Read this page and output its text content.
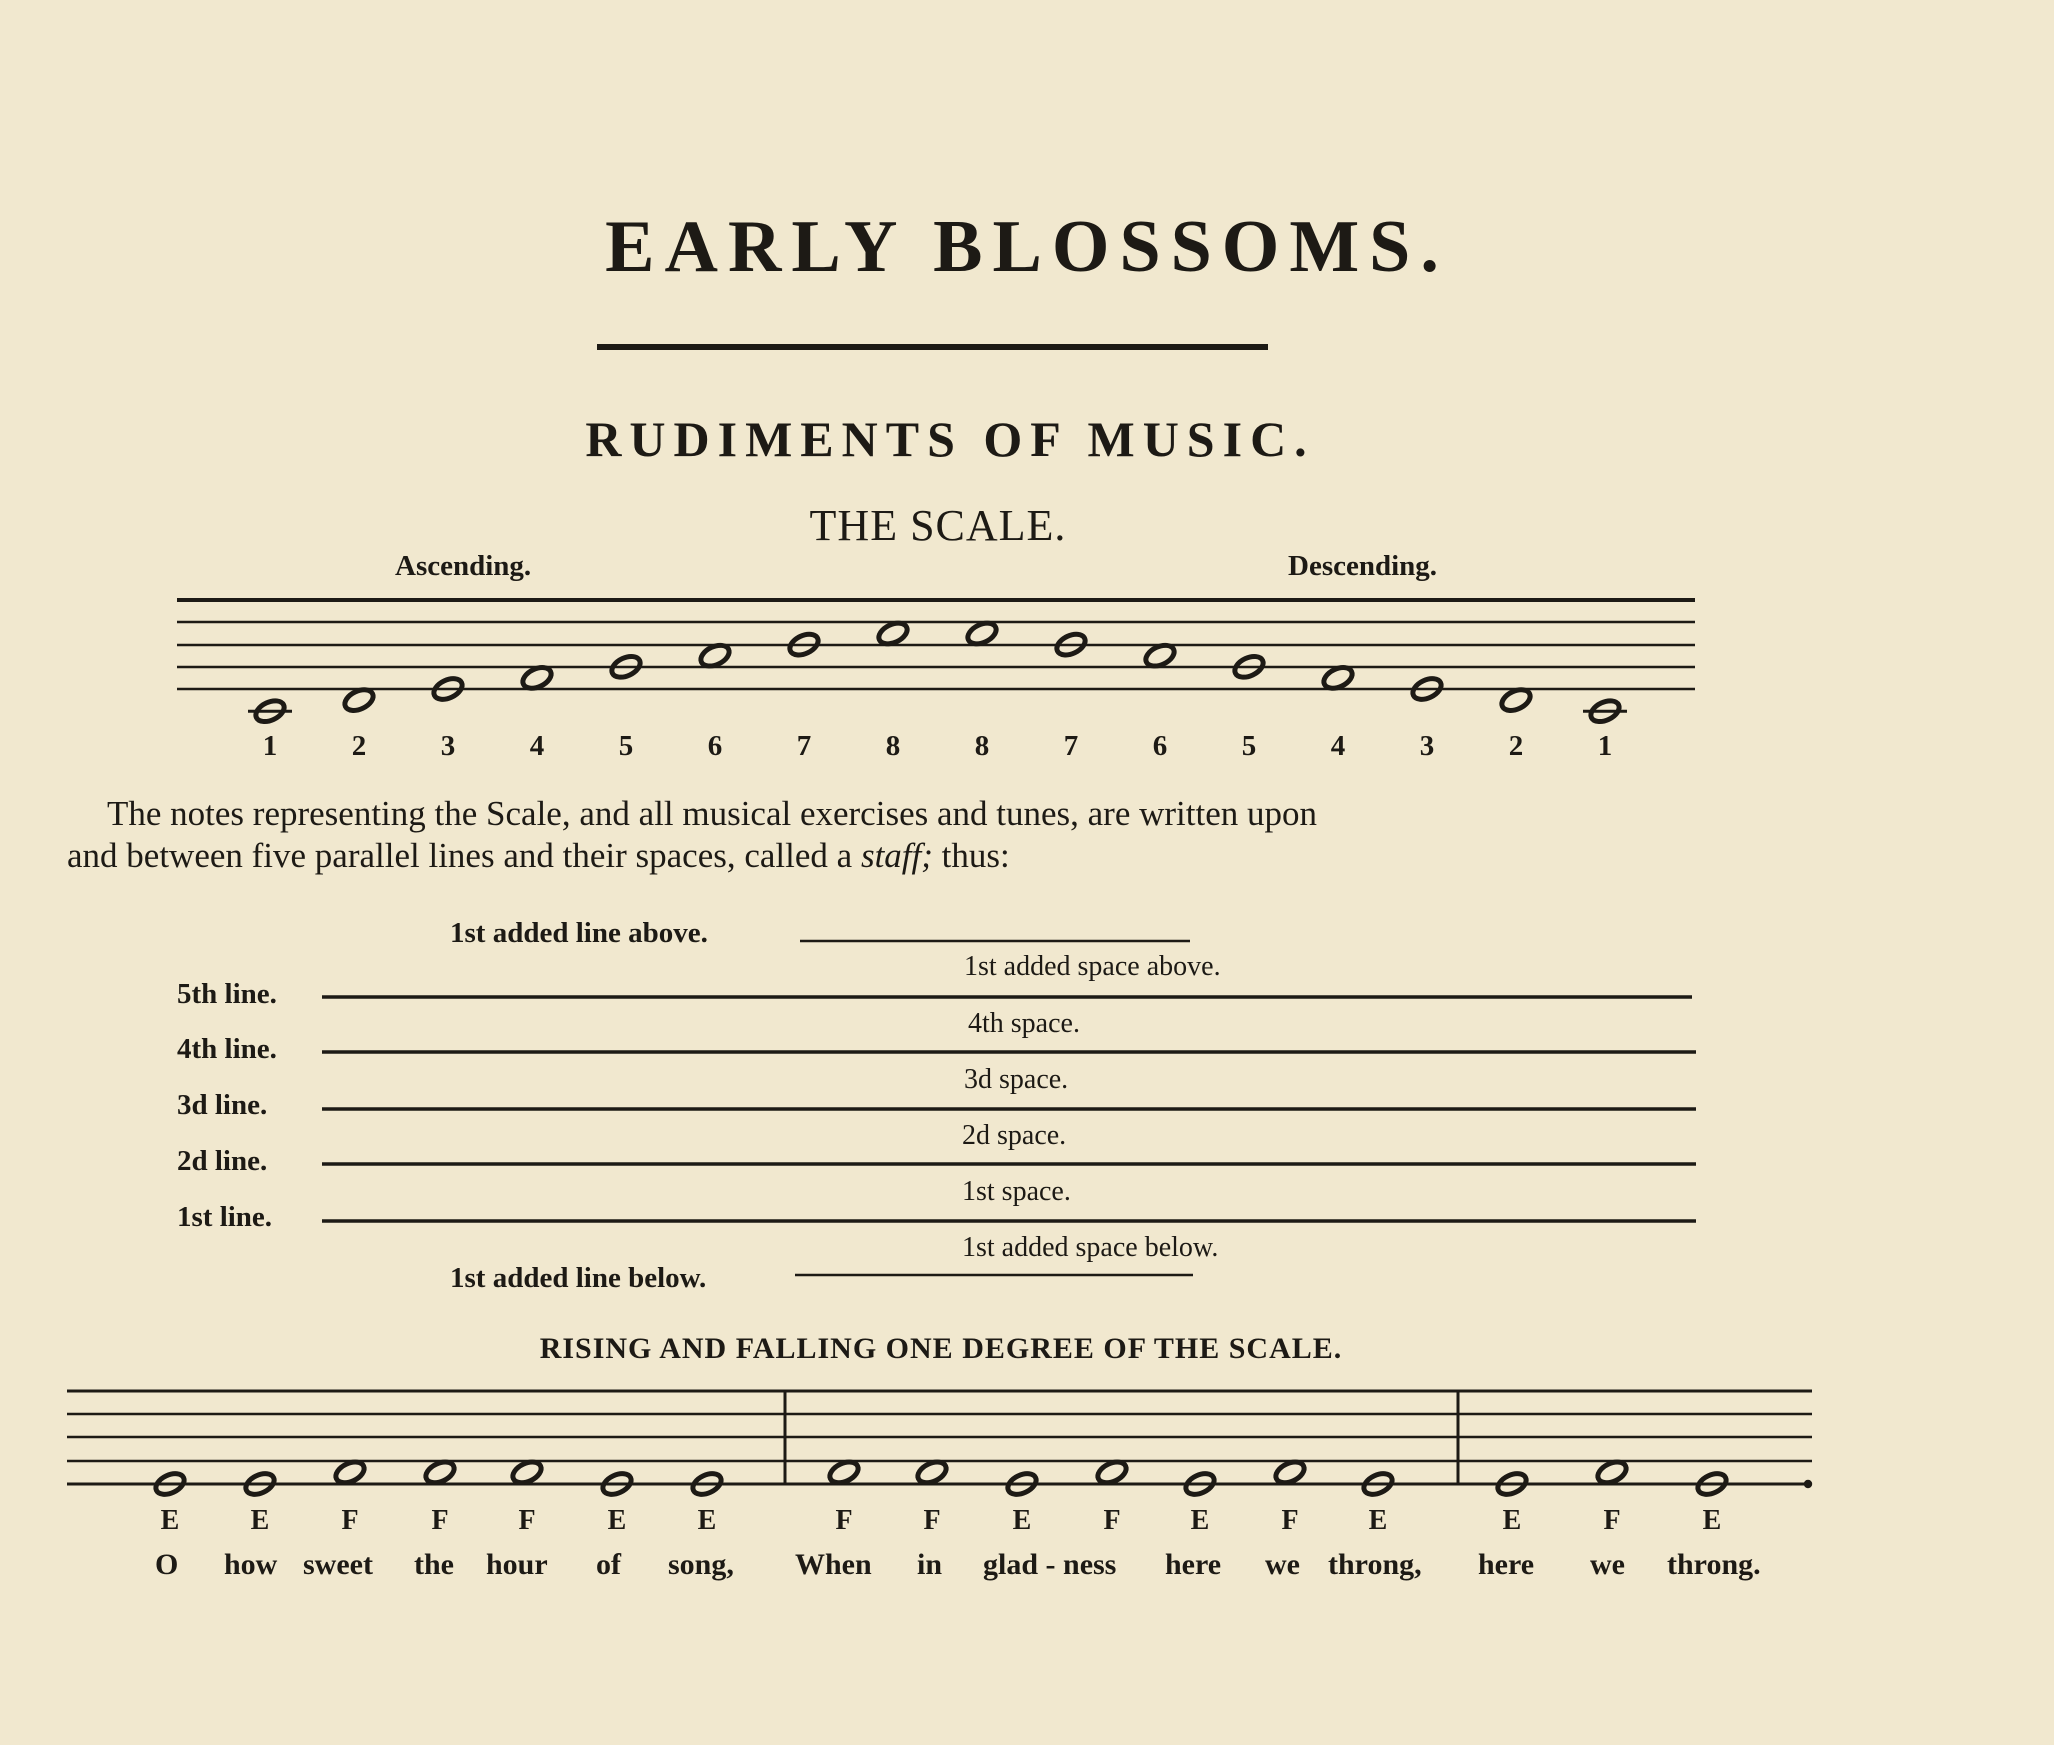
EARLY BLOSSOMS.
RUDIMENTS OF MUSIC.
THE SCALE.
Ascending.	Descending.
1	2	3	4	5	6	7	8	8	7	6	5	4	3	2	1
The notes representing the Scale, and all musical exercises and tunes, are written upon
and between five parallel lines and their spaces, called a staff; thus:
1st added line above.
1st added space above.
5th line.
4th space.
4th line.
3d space.
3d line.
2d space.
2d line.
1st space.
1st line.
1st added space below.
1st added line below.
RISING AND FALLING ONE DEGREE OF THE SCALE.
E	E	F	F	F	E	E	F	F	E	F	E	F	E	E	F	E
O how sweet the hour of song, When in glad - ness here we throng, here we throng.
